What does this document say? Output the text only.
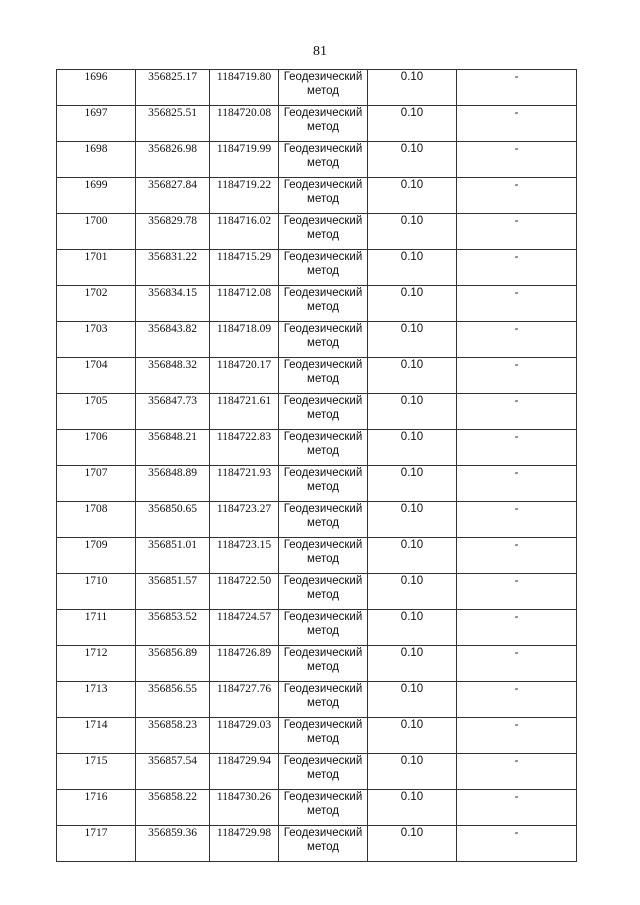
81
1696	356825.17	1184719.80	Геодезический метод	0.10	-
1697	356825.51	1184720.08	Геодезический метод	0.10	-
1698	356826.98	1184719.99	Геодезический метод	0.10	-
1699	356827.84	1184719.22	Геодезический метод	0.10	-
1700	356829.78	1184716.02	Геодезический метод	0.10	-
1701	356831.22	1184715.29	Геодезический метод	0.10	-
1702	356834.15	1184712.08	Геодезический метод	0.10	-
1703	356843.82	1184718.09	Геодезический метод	0.10	-
1704	356848.32	1184720.17	Геодезический метод	0.10	-
1705	356847.73	1184721.61	Геодезический метод	0.10	-
1706	356848.21	1184722.83	Геодезический метод	0.10	-
1707	356848.89	1184721.93	Геодезический метод	0.10	-
1708	356850.65	1184723.27	Геодезический метод	0.10	-
1709	356851.01	1184723.15	Геодезический метод	0.10	-
1710	356851.57	1184722.50	Геодезический метод	0.10	-
1711	356853.52	1184724.57	Геодезический метод	0.10	-
1712	356856.89	1184726.89	Геодезический метод	0.10	-
1713	356856.55	1184727.76	Геодезический метод	0.10	-
1714	356858.23	1184729.03	Геодезический метод	0.10	-
1715	356857.54	1184729.94	Геодезический метод	0.10	-
1716	356858.22	1184730.26	Геодезический метод	0.10	-
1717	356859.36	1184729.98	Геодезический метод	0.10	-
